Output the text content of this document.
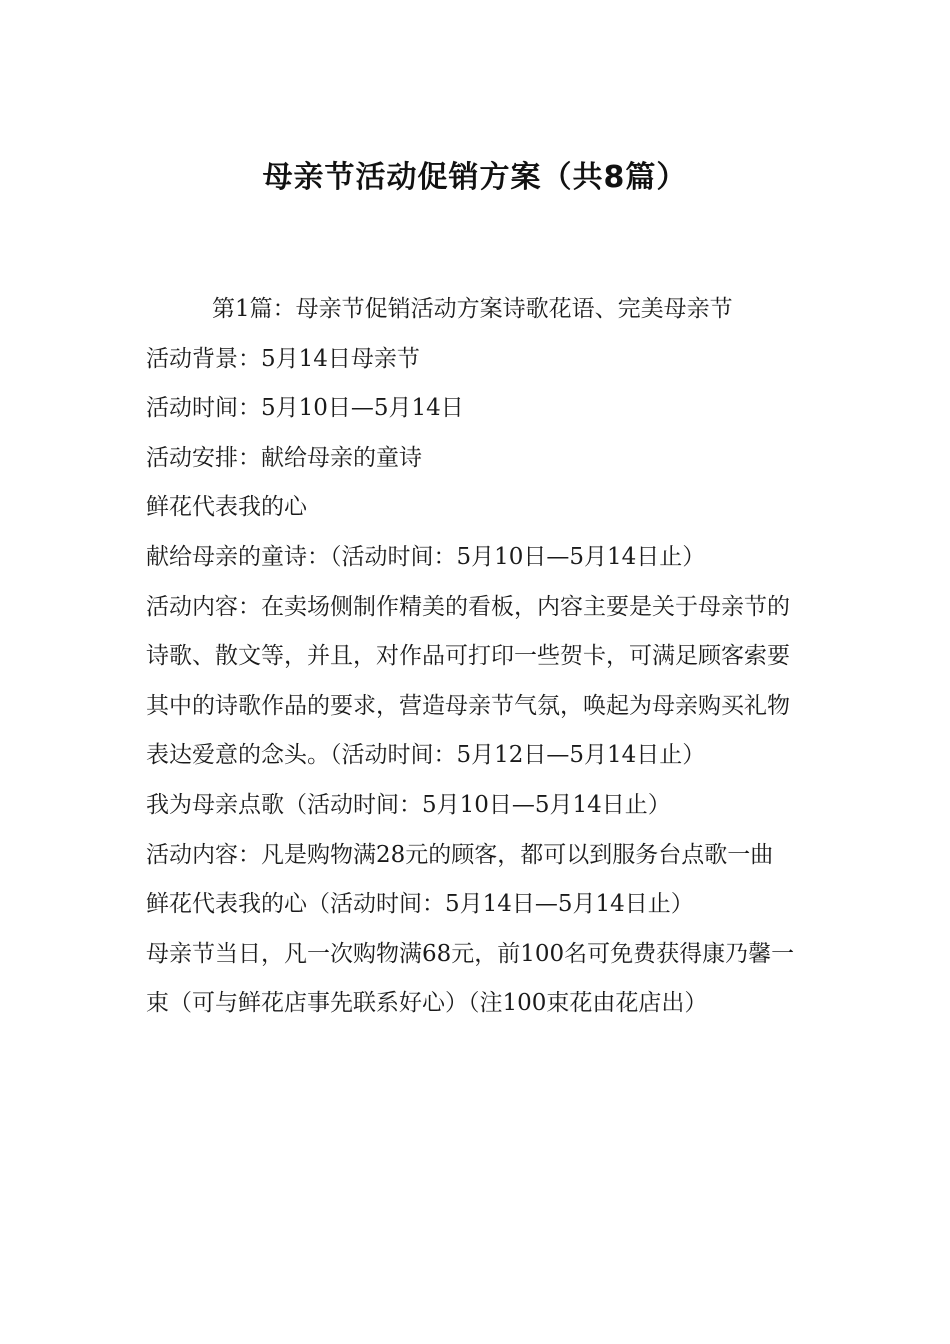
母亲节活动促销方案（共8篇）

第1篇：母亲节促销活动方案诗歌花语、完美母亲节

活动背景：5月14日母亲节

活动时间：5月10日—5月14日

活动安排：献给母亲的童诗

鲜花代表我的心

献给母亲的童诗：（活动时间：5月10日—5月14日止）

活动内容：在卖场侧制作精美的看板，内容主要是关于母亲节的诗歌、散文等，并且，对作品可打印一些贺卡，可满足顾客索要其中的诗歌作品的要求，营造母亲节气氛，唤起为母亲购买礼物表达爱意的念头。（活动时间：5月12日—5月14日止）

我为母亲点歌（活动时间：5月10日—5月14日止）

活动内容：凡是购物满28元的顾客，都可以到服务台点歌一曲

鲜花代表我的心（活动时间：5月14日—5月14日止）

母亲节当日，凡一次购物满68元，前100名可免费获得康乃馨一束（可与鲜花店事先联系好心）（注100束花由花店出）
